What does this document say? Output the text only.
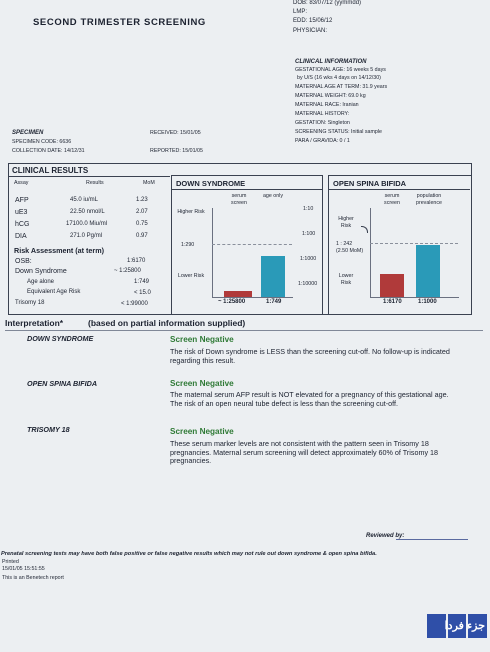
SECOND TRIMESTER SCREENING
DOB: 83/07/12 (yymmdd)
LMP:
EDD: 15/06/12
PHYSICIAN:
CLINICAL INFORMATION
GESTATIONAL AGE: 16 weeks 5 days
by U/S (16 wks 4 days on 14/12/30)
MATERNAL AGE AT TERM: 31.9 years
MATERNAL WEIGHT: 69.0 kg
MATERNAL RACE: Iranian
MATERNAL HISTORY:
GESTATION: Singleton
SCREENING STATUS: Initial sample
PARA / GRAVIDA: 0 / 1
SPECIMEN
SPECIMEN CODE: 6636
COLLECTION DATE: 14/12/31
RECEIVED: 15/01/05
REPORTED: 15/01/05
CLINICAL RESULTS
Assay	Results	MoM
AFP	45.0 iu/mL	1.23
uE3	22.50 nmol/L	2.07
hCG	17100.0 Miu/ml	0.75
DIA	271.0 Pg/ml	0.97
Risk Assessment (at term)
OSB:	1:6170
Down Syndrome	~ 1:25800
Age alone	1:749
Equivalent Age Risk	< 15.0
Trisomy 18	< 1:99000
DOWN SYNDROME
Higher Risk
1:290
Lower Risk
serum screen
age only
1:10
1:100
1:1000
1:10000
~ 1:25800	1:749
OPEN SPINA BIFIDA
Higher Risk
1 : 242
(2.50 MoM)
Lower Risk
serum screen
population prevalence
1:6170	1:1000
Interpretation*	(based on partial information supplied)
DOWN SYNDROME	Screen Negative
The risk of Down syndrome is LESS than the screening cut-off. No follow-up is indicated regarding this result.
OPEN SPINA BIFIDA	Screen Negative
The maternal serum AFP result is NOT elevated for a pregnancy of this gestational age. The risk of an open neural tube defect is less than the screening cut-off.
TRISOMY 18	Screen Negative
These serum marker levels are not consistent with the pattern seen in Trisomy 18 pregnancies. Maternal serum screening will detect approximately 60% of Trisomy 18 pregnancies.
Reviewed by:
Prenatal screening tests may have both false positive or false negative results which may not rule out down syndrome & open spina bifida.
Printed
15/01/05 15:51:55
This is an Benetech report
جزء فردا
